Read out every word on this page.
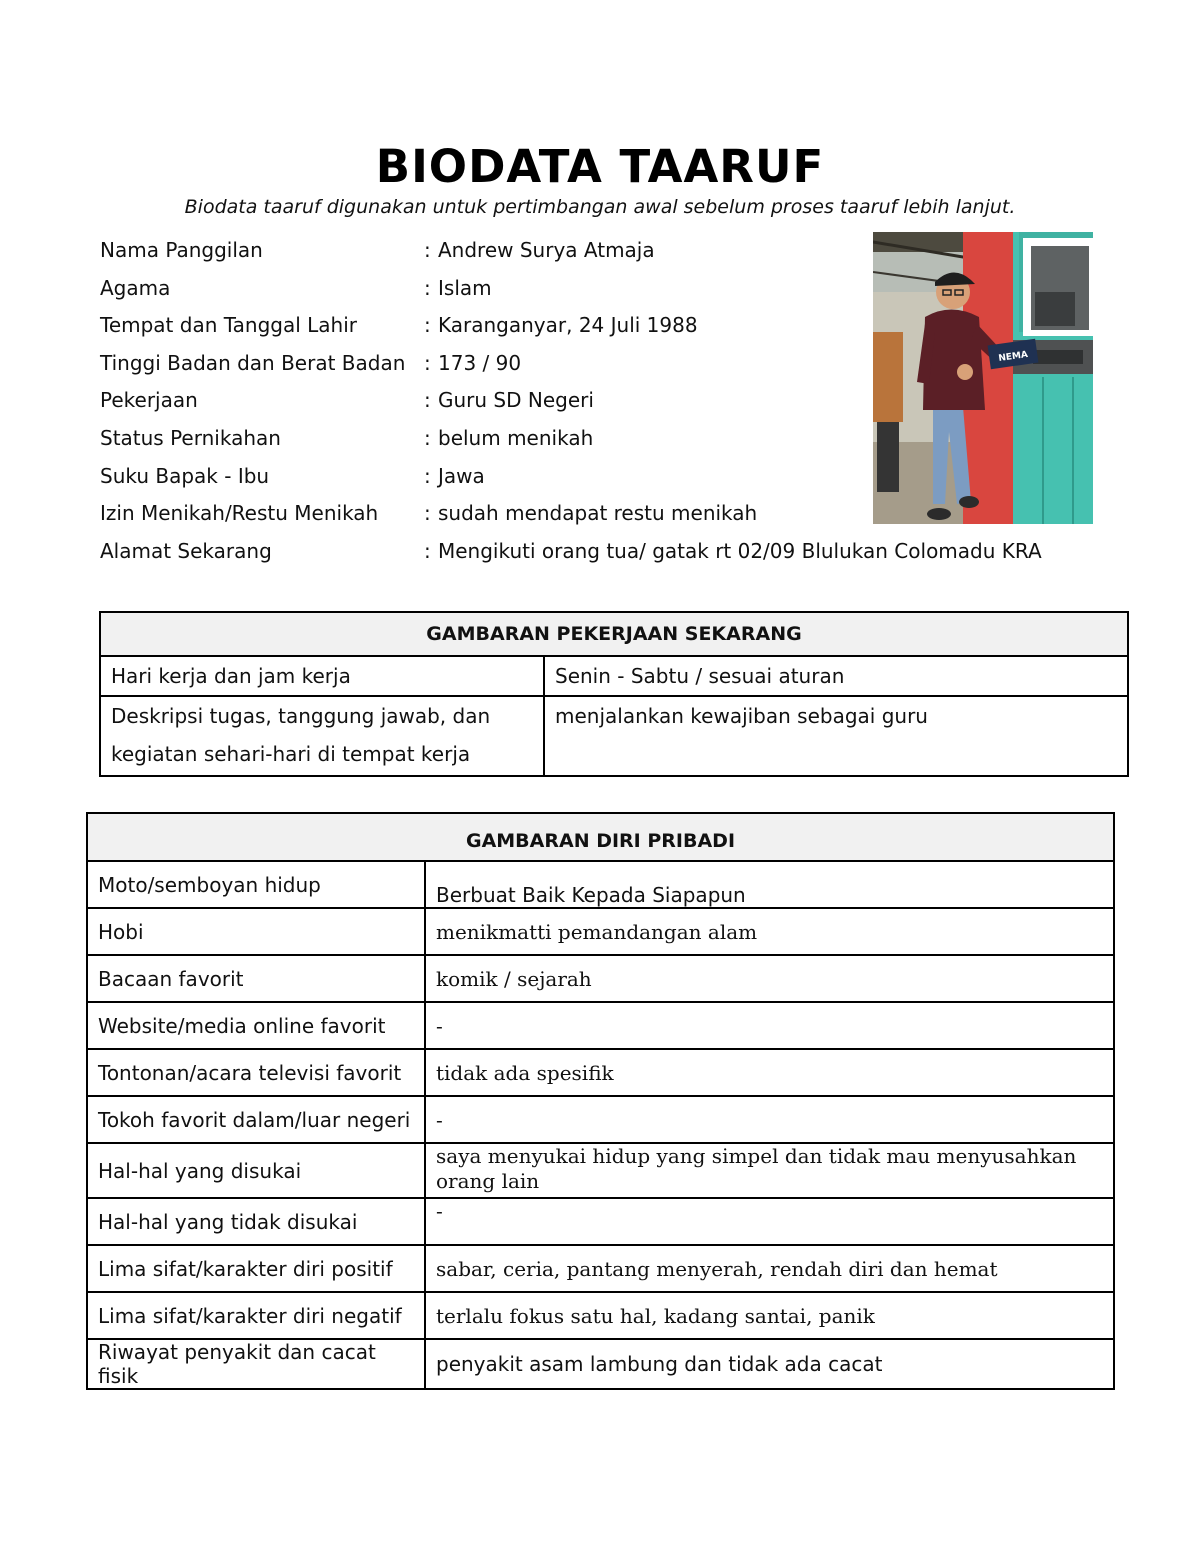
BIODATA TAARUF
Biodata taaruf digunakan untuk pertimbangan awal sebelum proses taaruf lebih lanjut.
Nama Panggilan	: Andrew Surya Atmaja
Agama	: Islam
Tempat dan Tanggal Lahir	: Karanganyar, 24 Juli 1988
Tinggi Badan dan Berat Badan : 173 / 90
Pekerjaan	: Guru SD Negeri
Status Pernikahan	: belum menikah
Suku Bapak - Ibu	: Jawa
Izin Menikah/Restu Menikah : sudah mendapat restu menikah
Alamat Sekarang	: Mengikuti orang tua/ gatak rt 02/09 Blulukan Colomadu KRA
NEMA
GAMBARAN PEKERJAAN SEKARANG	
Hari kerja dan jam kerja	Senin - Sabtu / sesuai aturan
Deskripsi tugas, tanggung jawab, dan kegiatan sehari-hari di tempat kerja	menjalankan kewajiban sebagai guru
GAMBARAN DIRI PRIBADI	
Moto/semboyan hidup	Berbuat Baik Kepada Siapapun
Hobi	menikmatti pemandangan alam
Bacaan favorit	komik / sejarah
Website/media online favorit	-
Tontonan/acara televisi favorit	tidak ada spesifik
Tokoh favorit dalam/luar negeri	-
Hal-hal yang disukai	saya menyukai hidup yang simpel dan tidak mau menyusahkan orang lain
Hal-hal yang tidak disukai	-
Lima sifat/karakter diri positif	sabar, ceria, pantang menyerah, rendah diri dan hemat
Lima sifat/karakter diri negatif	terlalu fokus satu hal, kadang santai, panik
Riwayat penyakit dan cacat fisik	penyakit asam lambung dan tidak ada cacat
